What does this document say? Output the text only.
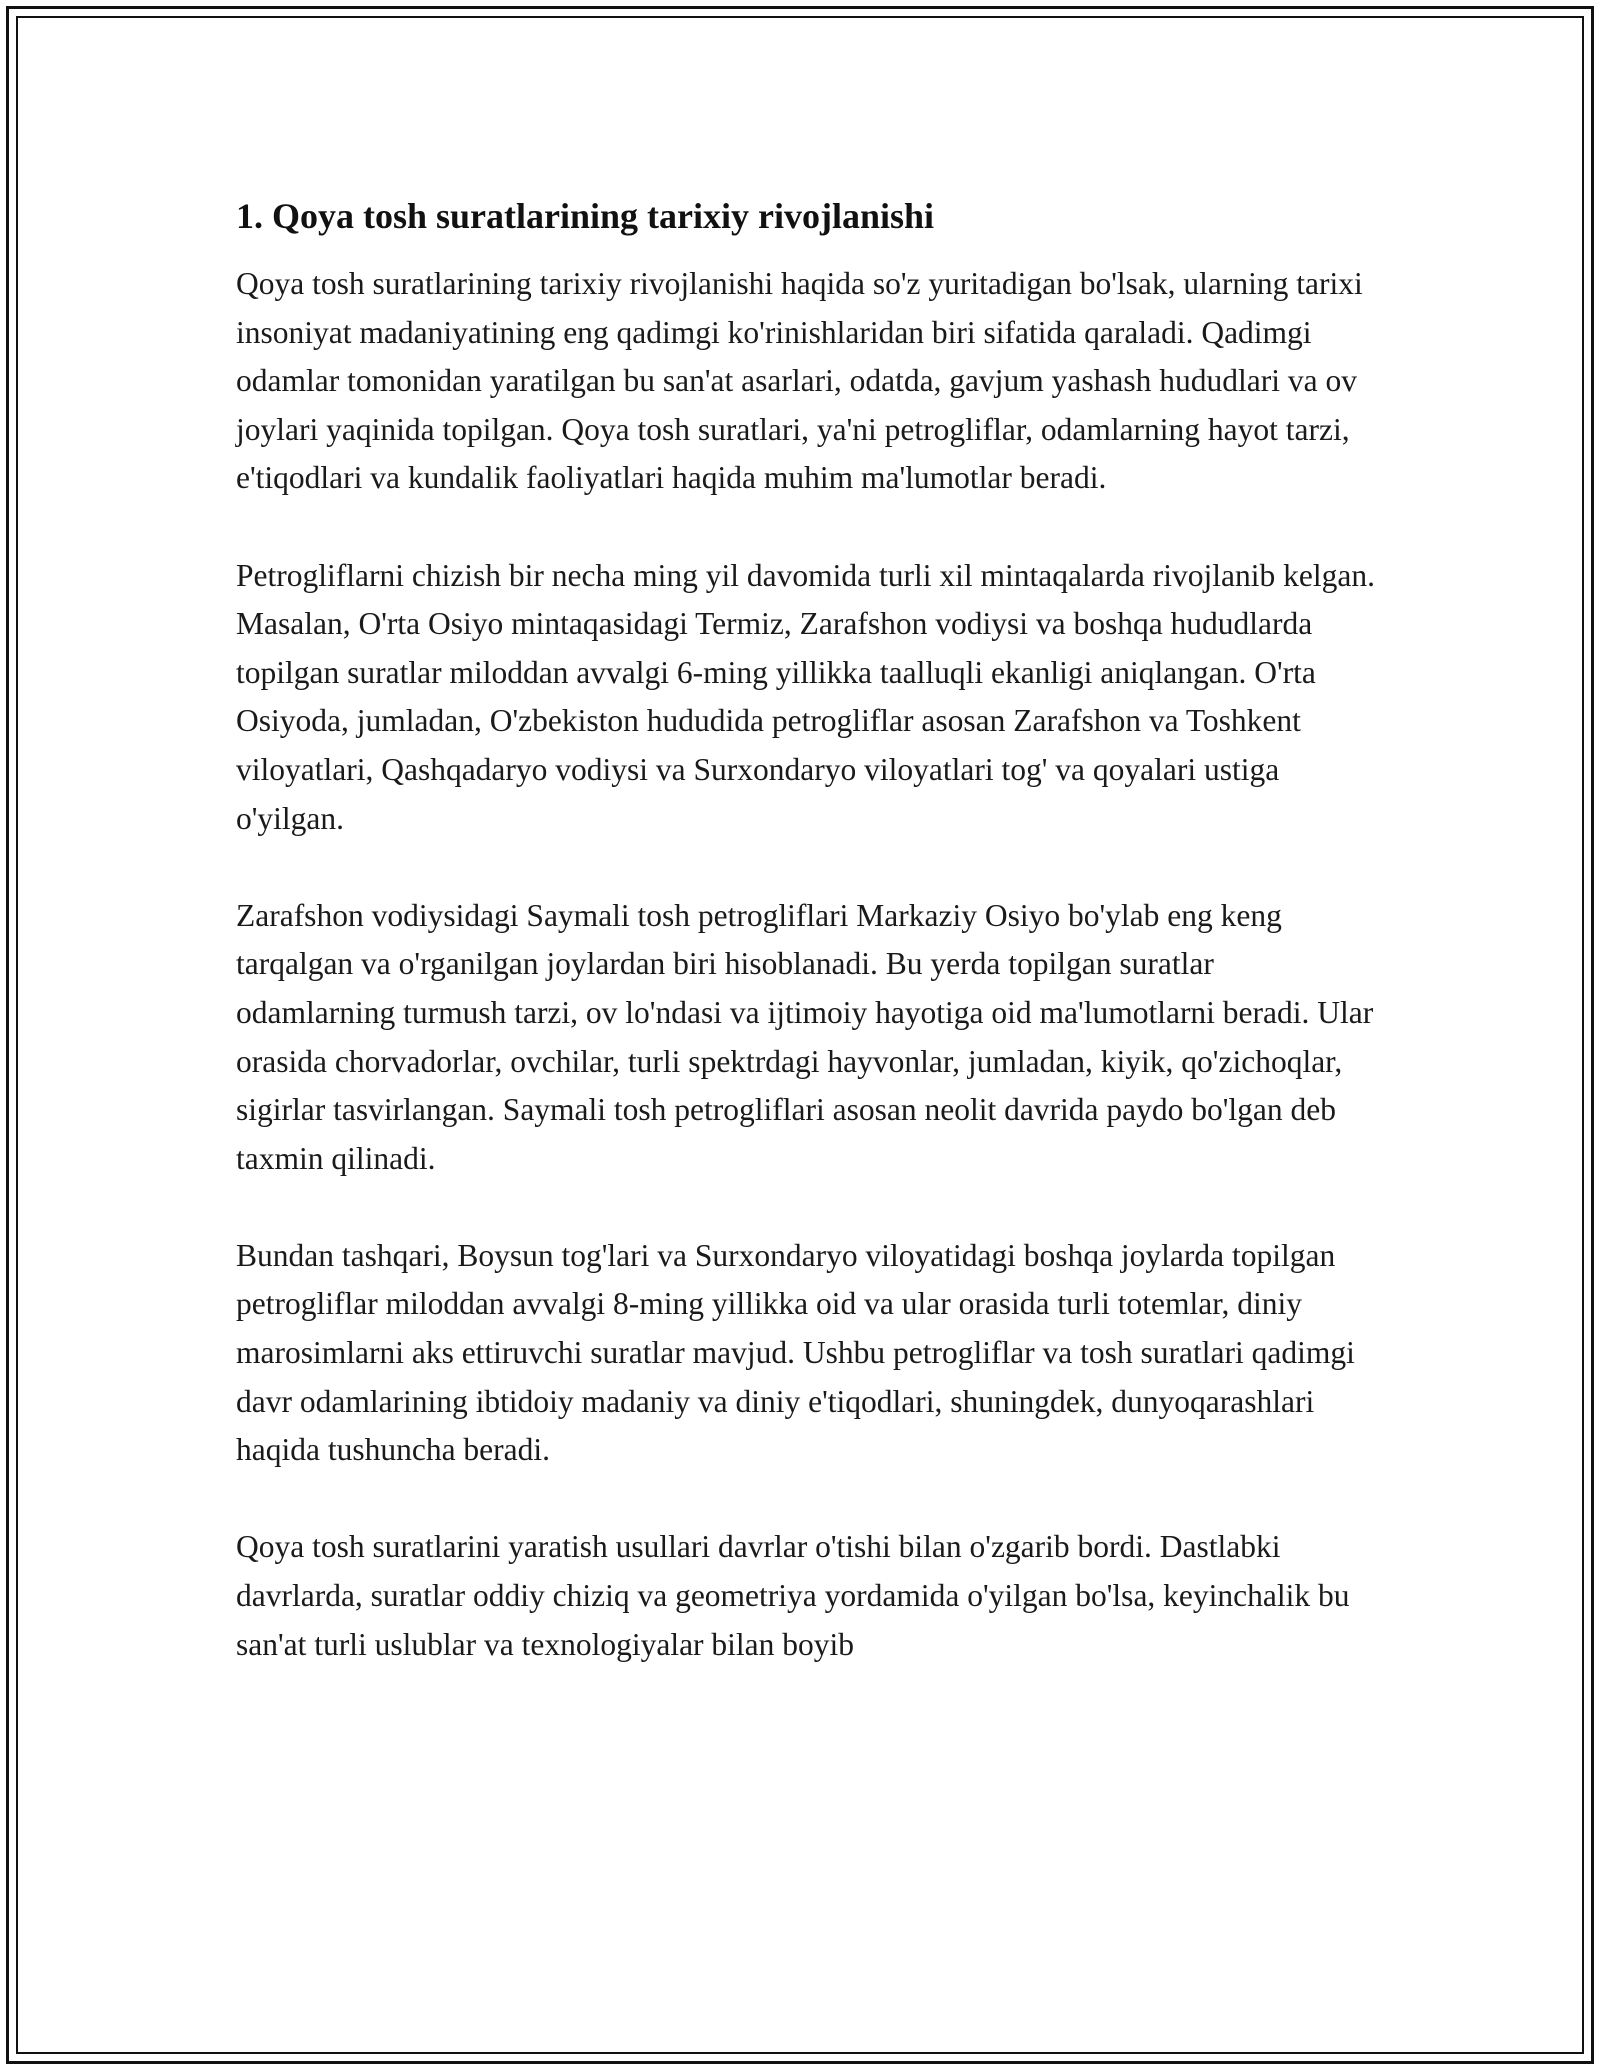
1. Qoya tosh suratlarining tarixiy rivojlanishi

Qoya tosh suratlarining tarixiy rivojlanishi haqida so'z yuritadigan bo'lsak, ularning tarixi insoniyat madaniyatining eng qadimgi ko'rinishlaridan biri sifatida qaraladi. Qadimgi odamlar tomonidan yaratilgan bu san'at asarlari, odatda, gavjum yashash hududlari va ov joylari yaqinida topilgan. Qoya tosh suratlari, ya'ni petrogliflar, odamlarning hayot tarzi, e'tiqodlari va kundalik faoliyatlari haqida muhim ma'lumotlar beradi.

Petrogliflarni chizish bir necha ming yil davomida turli xil mintaqalarda rivojlanib kelgan. Masalan, O'rta Osiyo mintaqasidagi Termiz, Zarafshon vodiysi va boshqa hududlarda topilgan suratlar miloddan avvalgi 6-ming yillikka taalluqli ekanligi aniqlangan. O'rta Osiyoda, jumladan, O'zbekiston hududida petrogliflar asosan Zarafshon va Toshkent viloyatlari, Qashqadaryo vodiysi va Surxondaryo viloyatlari tog' va qoyalari ustiga o'yilgan.

Zarafshon vodiysidagi Saymali tosh petrogliflari Markaziy Osiyo bo'ylab eng keng tarqalgan va o'rganilgan joylardan biri hisoblanadi. Bu yerda topilgan suratlar odamlarning turmush tarzi, ov lo'ndasi va ijtimoiy hayotiga oid ma'lumotlarni beradi. Ular orasida chorvadorlar, ovchilar, turli spektrdagi hayvonlar, jumladan, kiyik, qo'zichoqlar, sigirlar tasvirlangan. Saymali tosh petrogliflari asosan neolit davrida paydo bo'lgan deb taxmin qilinadi.

Bundan tashqari, Boysun tog'lari va Surxondaryo viloyatidagi boshqa joylarda topilgan petrogliflar miloddan avvalgi 8-ming yillikka oid va ular orasida turli totemlar, diniy marosimlarni aks ettiruvchi suratlar mavjud. Ushbu petrogliflar va tosh suratlari qadimgi davr odamlarining ibtidoiy madaniy va diniy e'tiqodlari, shuningdek, dunyoqarashlari haqida tushuncha beradi.

Qoya tosh suratlarini yaratish usullari davrlar o'tishi bilan o'zgarib bordi. Dastlabki davrlarda, suratlar oddiy chiziq va geometriya yordamida o'yilgan bo'lsa, keyinchalik bu san'at turli uslublar va texnologiyalar bilan boyib
